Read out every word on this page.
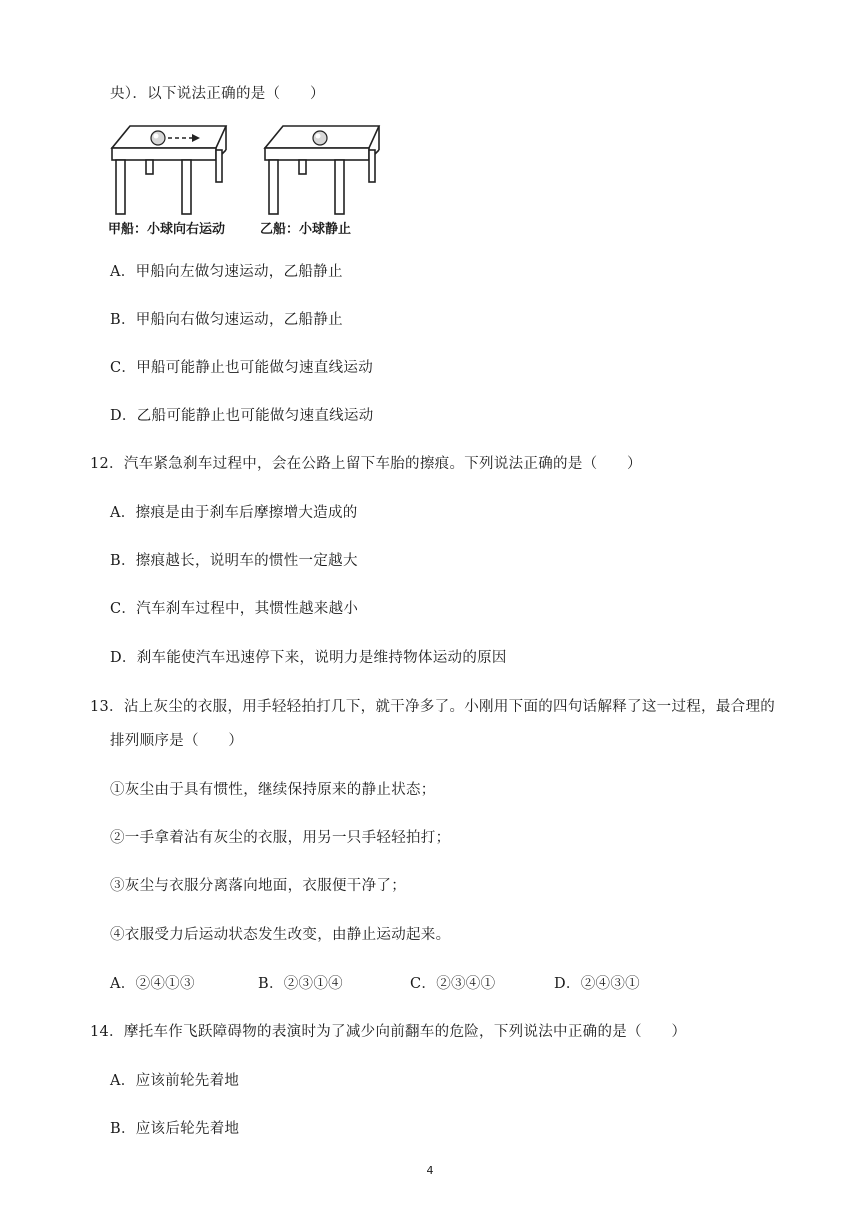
央）．以下说法正确的是（　　）
甲船：小球向右运动	乙船：小球静止
A．甲船向左做匀速运动，乙船静止
B．甲船向右做匀速运动，乙船静止
C．甲船可能静止也可能做匀速直线运动
D．乙船可能静止也可能做匀速直线运动
12．汽车紧急刹车过程中，会在公路上留下车胎的擦痕。下列说法正确的是（　　）
A．擦痕是由于刹车后摩擦增大造成的
B．擦痕越长，说明车的惯性一定越大
C．汽车刹车过程中，其惯性越来越小
D．刹车能使汽车迅速停下来，说明力是维持物体运动的原因
13．沾上灰尘的衣服，用手轻轻拍打几下，就干净多了。小刚用下面的四句话解释了这一过程，最合理的
排列顺序是（　　）
①灰尘由于具有惯性，继续保持原来的静止状态；
②一手拿着沾有灰尘的衣服，用另一只手轻轻拍打；
③灰尘与衣服分离落向地面，衣服便干净了；
④衣服受力后运动状态发生改变，由静止运动起来。
A．②④①③	B．②③①④	C．②③④①	D．②④③①
14．摩托车作飞跃障碍物的表演时为了减少向前翻车的危险，下列说法中正确的是（　　）
A．应该前轮先着地
B．应该后轮先着地
4
